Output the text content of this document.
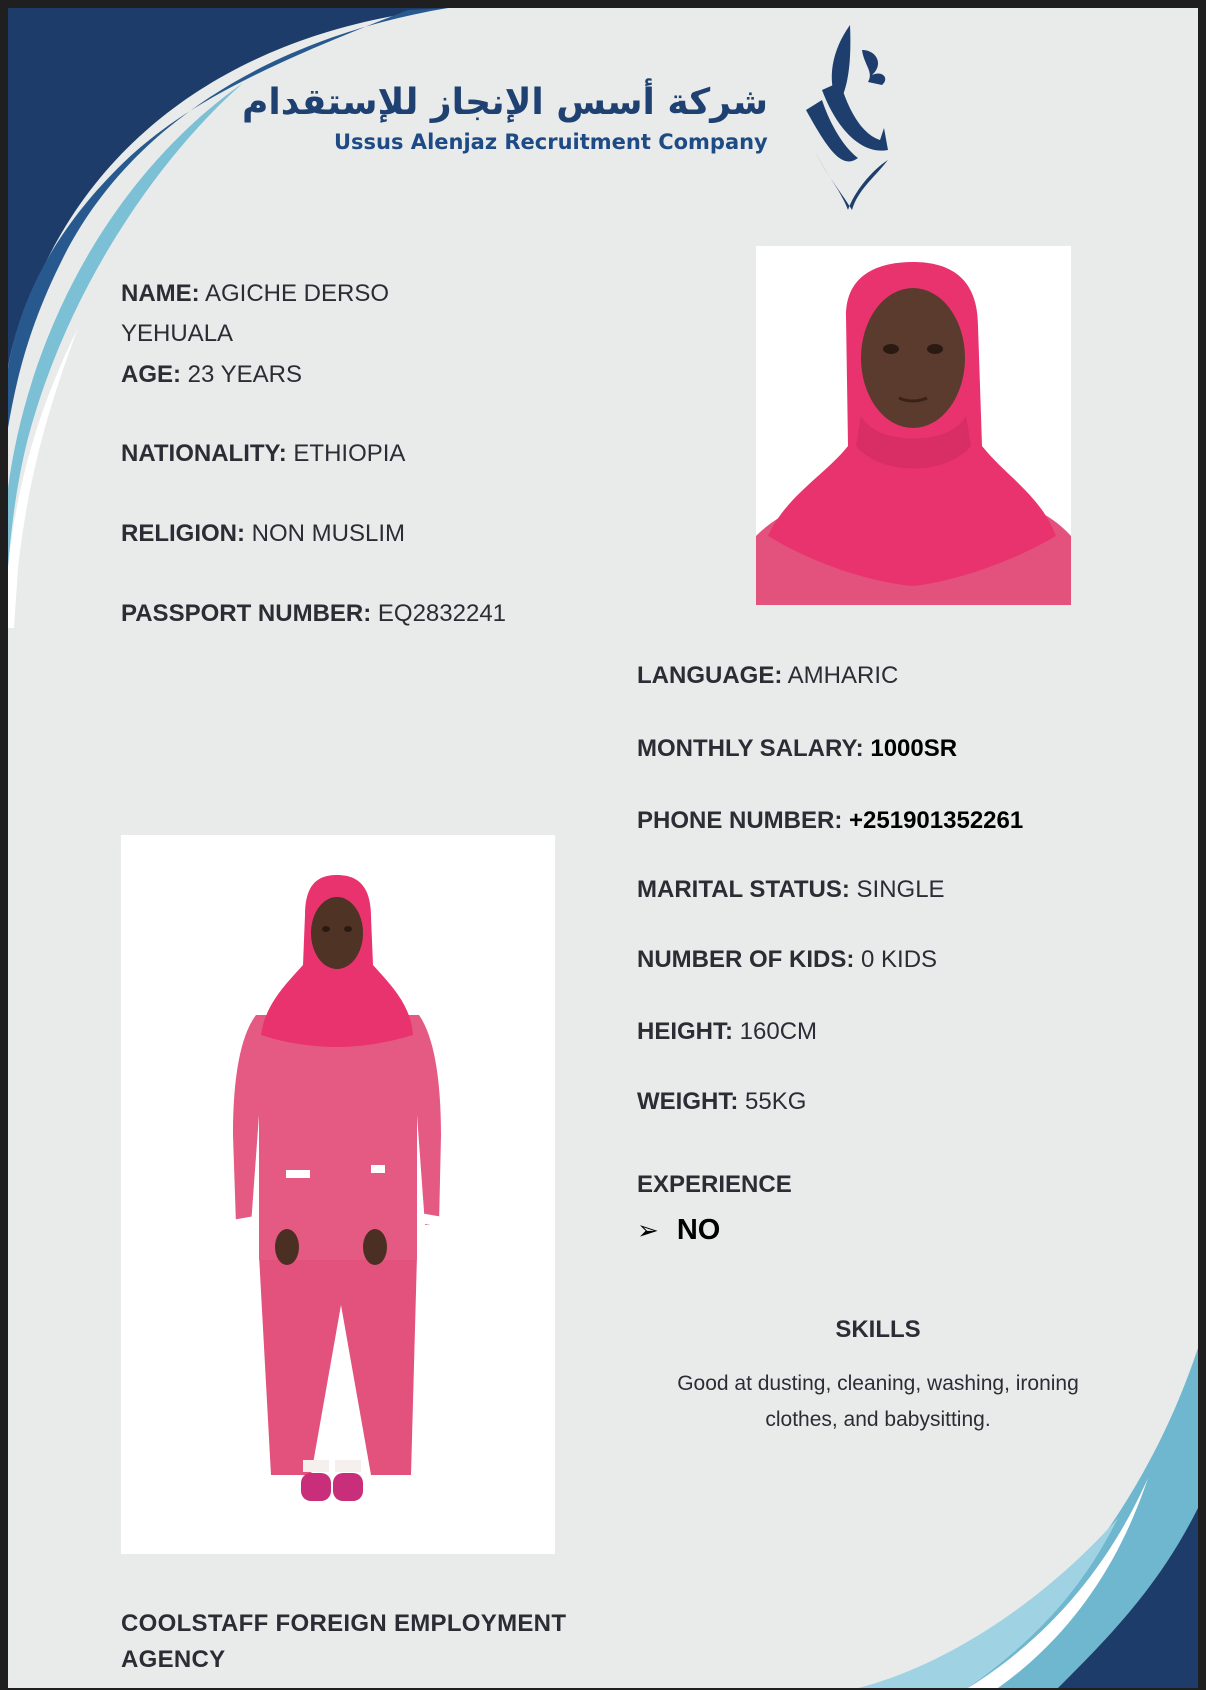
شركة أسس الإنجاز للإستقدام
Ussus Alenjaz Recruitment Company
NAME: AGICHE DERSO
YEHUALA
AGE: 23 YEARS
NATIONALITY: ETHIOPIA
RELIGION: NON MUSLIM
PASSPORT NUMBER: EQ2832241
LANGUAGE: AMHARIC
MONTHLY SALARY: 1000SR
PHONE NUMBER: +251901352261
MARITAL STATUS: SINGLE
NUMBER OF KIDS: 0 KIDS
HEIGHT: 160CM
WEIGHT: 55KG
EXPERIENCE
➢ NO
SKILLS
Good at dusting, cleaning, washing, ironing clothes, and babysitting.
COOLSTAFF FOREIGN EMPLOYMENT AGENCY
